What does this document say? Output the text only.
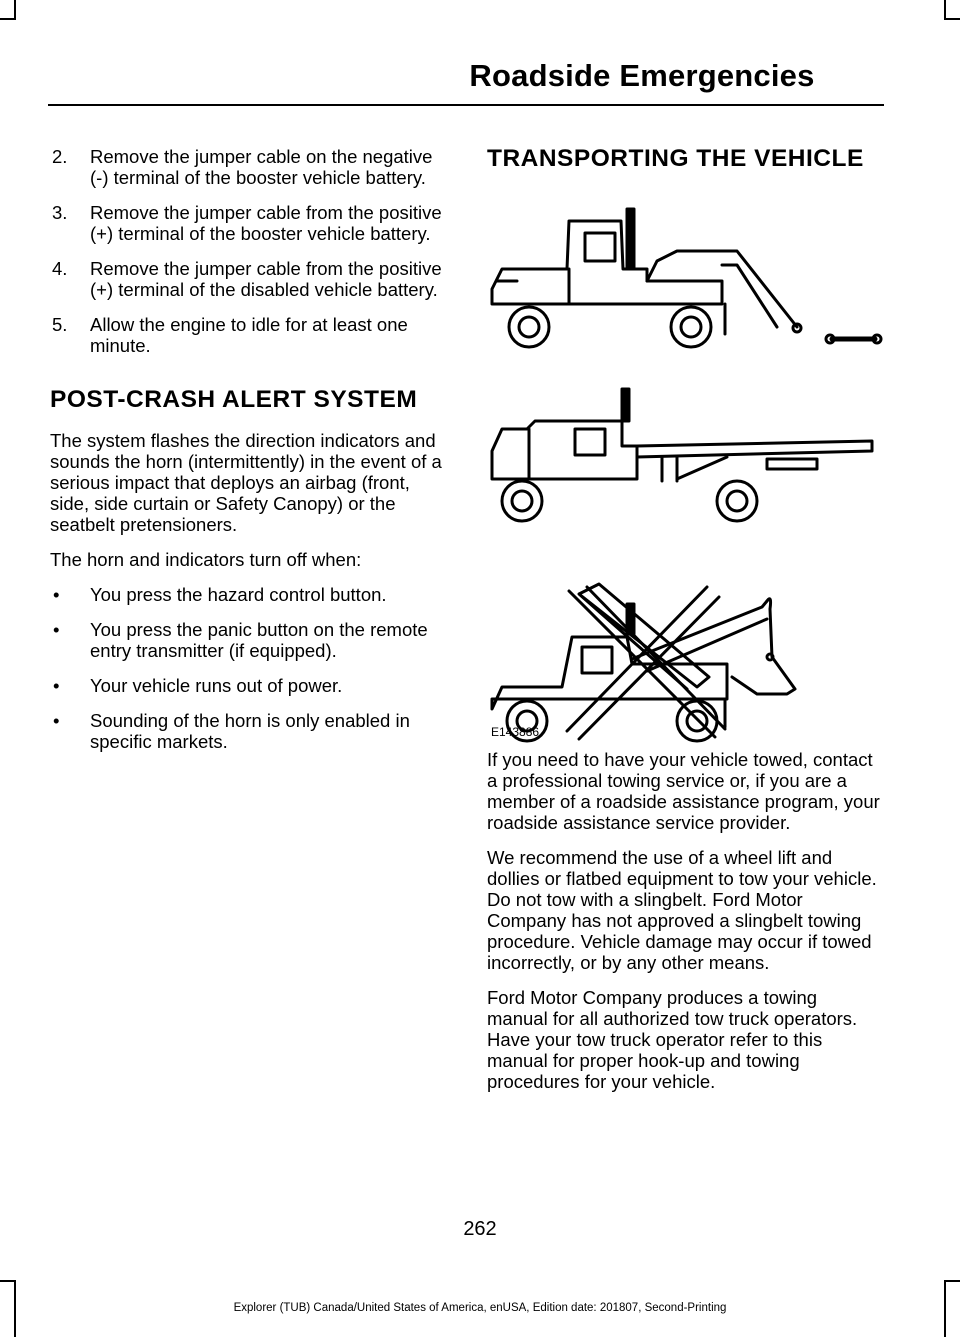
Roadside Emergencies
2. Remove the jumper cable on the negative (-) terminal of the booster vehicle battery.
3. Remove the jumper cable from the positive (+) terminal of the booster vehicle battery.
4. Remove the jumper cable from the positive (+) terminal of the disabled vehicle battery.
5. Allow the engine to idle for at least one minute.
POST-CRASH ALERT SYSTEM

The system flashes the direction indicators and sounds the horn (intermittently) in the event of a serious impact that deploys an airbag (front, side, side curtain or Safety Canopy) or the seatbelt pretensioners.

The horn and indicators turn off when:

• You press the hazard control button.
• You press the panic button on the remote entry transmitter (if equipped).
• Your vehicle runs out of power.
• Sounding of the horn is only enabled in specific markets.
TRANSPORTING THE VEHICLE
E143886

If you need to have your vehicle towed, contact a professional towing service or, if you are a member of a roadside assistance program, your roadside assistance service provider.

We recommend the use of a wheel lift and dollies or flatbed equipment to tow your vehicle. Do not tow with a slingbelt. Ford Motor Company has not approved a slingbelt towing procedure. Vehicle damage may occur if towed incorrectly, or by any other means.

Ford Motor Company produces a towing manual for all authorized tow truck operators. Have your tow truck operator refer to this manual for proper hook-up and towing procedures for your vehicle.

262
Explorer (TUB) Canada/United States of America, enUSA, Edition date: 201807, Second-Printing
